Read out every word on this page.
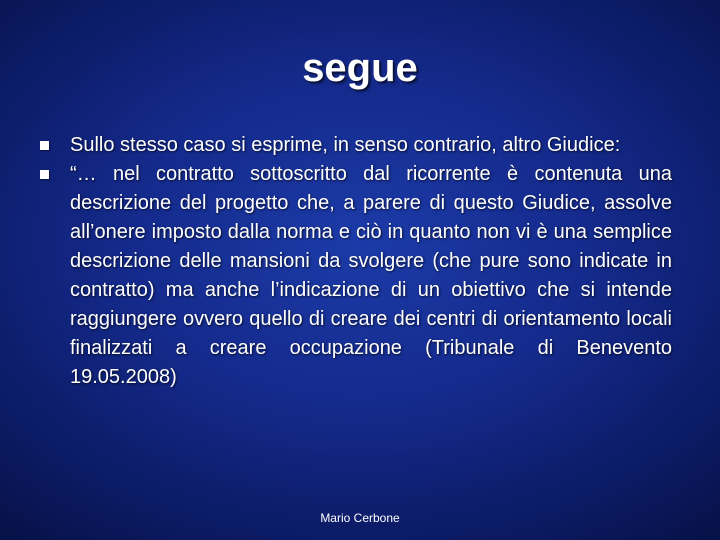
segue
Sullo stesso caso si esprime, in senso contrario, altro Giudice:
“… nel contratto sottoscritto dal ricorrente è contenuta una descrizione del progetto che, a parere di questo Giudice, assolve all’onere imposto dalla norma e ciò in quanto non vi è una semplice descrizione delle mansioni da svolgere (che pure sono indicate in contratto) ma anche l’indicazione di un obiettivo che si intende raggiungere ovvero quello di creare dei centri di orientamento locali finalizzati a creare occupazione (Tribunale di Benevento 19.05.2008)
Mario Cerbone
